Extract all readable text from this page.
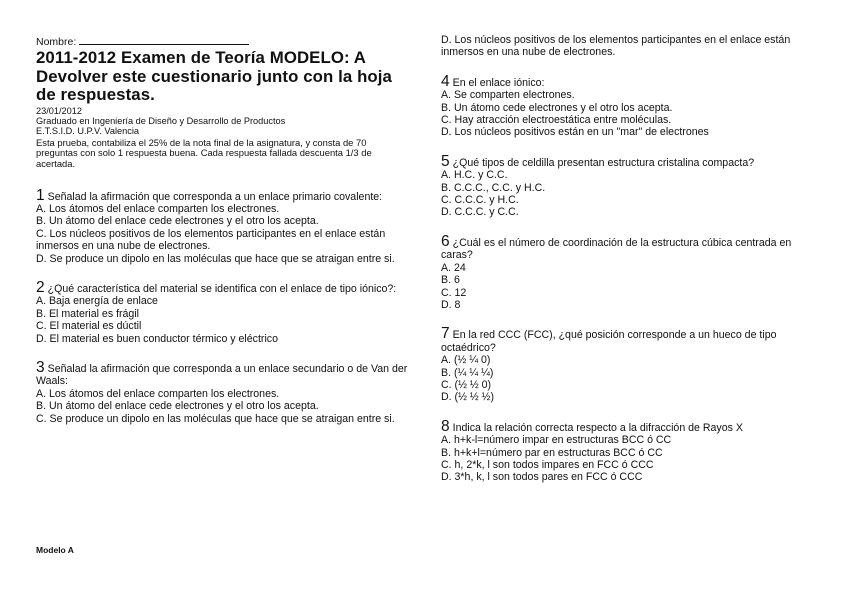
Nombre:
2011-2012 Examen de Teoría MODELO: A Devolver este cuestionario junto con la hoja de respuestas.
23/01/2012
Graduado en Ingeniería de Diseño y Desarrollo de Productos
E.T.S.I.D. U.P.V. Valencia
Esta prueba, contabiliza el 25% de la nota final de la asignatura, y consta de 70 preguntas con solo 1 respuesta buena. Cada respuesta fallada descuenta 1/3 de acertada.
1 Señalad la afirmación que corresponda a un enlace primario covalente:
A. Los átomos del enlace comparten los electrones.
B. Un átomo del enlace cede electrones y el otro los acepta.
C. Los núcleos positivos de los elementos participantes en el enlace están inmersos en una nube de electrones.
D. Se produce un dipolo en las moléculas que hace que se atraigan entre si.
2 ¿Qué característica del material se identifica con el enlace de tipo iónico?:
A. Baja energía de enlace
B. El material es frágil
C. El material es dúctil
D. El material es buen conductor térmico y eléctrico
3 Señalad la afirmación que corresponda a un enlace secundario o de Van der Waals:
A. Los átomos del enlace comparten los electrones.
B. Un átomo del enlace cede electrones y el otro los acepta.
C. Se produce un dipolo en las moléculas que hace que se atraigan entre si.
Modelo A
D. Los núcleos positivos de los elementos participantes en el enlace están inmersos en una nube de electrones.
4 En el enlace iónico:
A. Se comparten electrones.
B. Un átomo cede electrones y el otro los acepta.
C. Hay atracción electroestática entre moléculas.
D. Los núcleos positivos están en un "mar" de electrones
5 ¿Qué tipos de celdilla presentan estructura cristalina compacta?
A. H.C. y C.C.
B. C.C.C., C.C. y H.C.
C. C.C.C. y H.C.
D. C.C.C. y C.C.
6 ¿Cuál es el número de coordinación de la estructura cúbica centrada en caras?
A. 24
B. 6
C. 12
D. 8
7 En la red CCC (FCC), ¿qué posición corresponde a un hueco de tipo octaédrico?
A. (½ ¼ 0)
B. (¼ ¼ ¼)
C. (½ ½ 0)
D. (½ ½ ½)
8 Indica la relación correcta respecto a la difracción de Rayos X
A. h+k-l=número impar en estructuras BCC ó CC
B. h+k+l=número par en estructuras BCC ó CC
C. h, 2*k, l son todos impares en FCC ó CCC
D. 3*h, k, l son todos pares en FCC ó CCC
